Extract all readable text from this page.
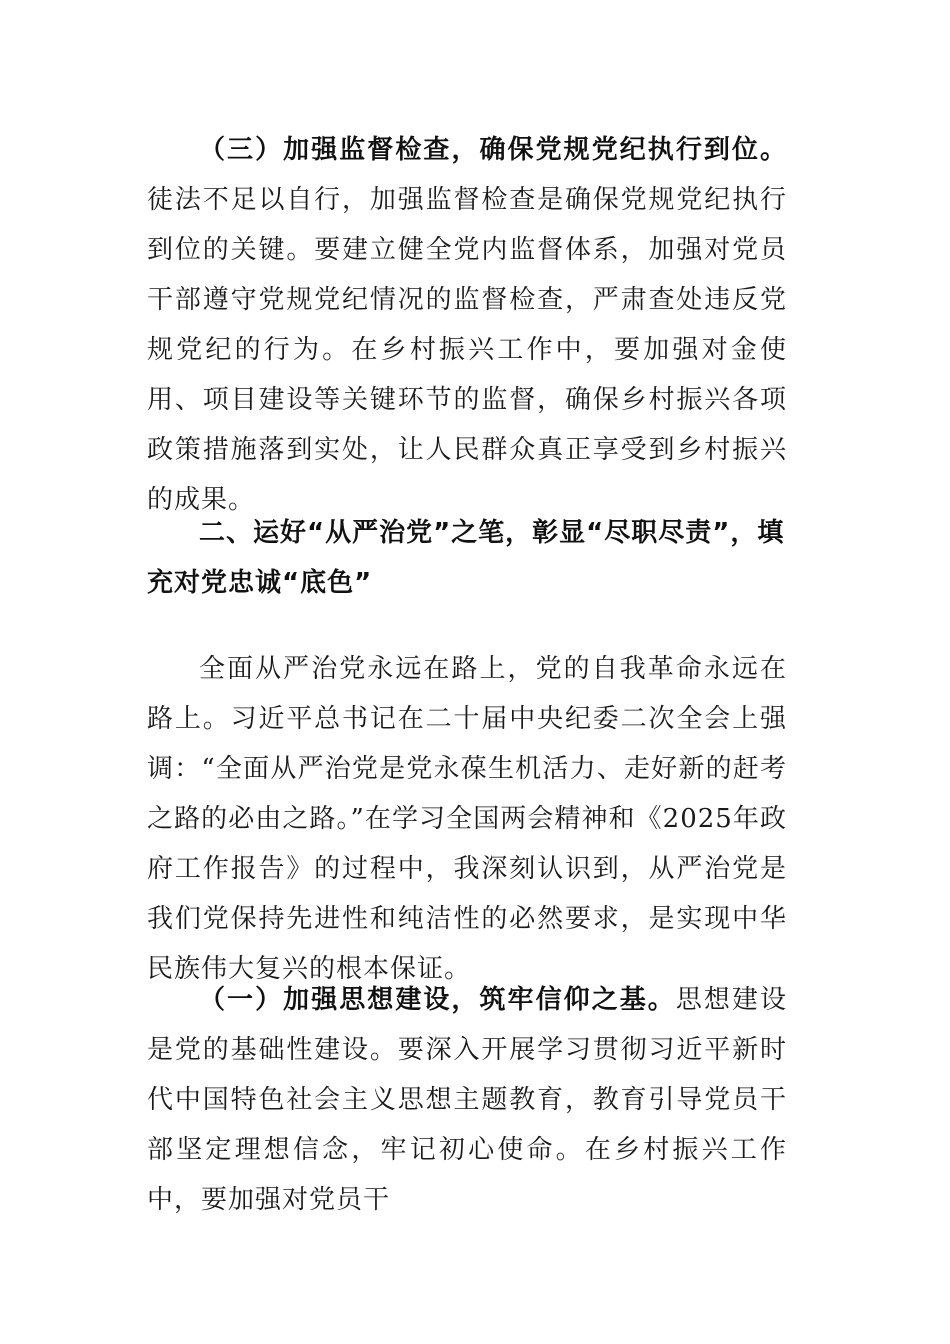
（三）加强监督检查，确保党规党纪执行到位。徒法不足以自行，加强监督检查是确保党规党纪执行到位的关键。要建立健全党内监督体系，加强对党员干部遵守党规党纪情况的监督检查，严肃查处违反党规党纪的行为。在乡村振兴工作中，要加强对金使用、项目建设等关键环节的监督，确保乡村振兴各项政策措施落到实处，让人民群众真正享受到乡村振兴的成果。

二、运好“从严治党”之笔，彰显“尽职尽责”，填充对党忠诚“底色”

全面从严治党永远在路上，党的自我革命永远在路上。习近平总书记在二十届中央纪委二次全会上强调：“全面从严治党是党永葆生机活力、走好新的赶考之路的必由之路。”在学习全国两会精神和《2025年政府工作报告》的过程中，我深刻认识到，从严治党是我们党保持先进性和纯洁性的必然要求，是实现中华民族伟大复兴的根本保证。

（一）加强思想建设，筑牢信仰之基。思想建设是党的基础性建设。要深入开展学习贯彻习近平新时代中国特色社会主义思想主题教育，教育引导党员干部坚定理想信念，牢记初心使命。在乡村振兴工作中，要加强对党员干
